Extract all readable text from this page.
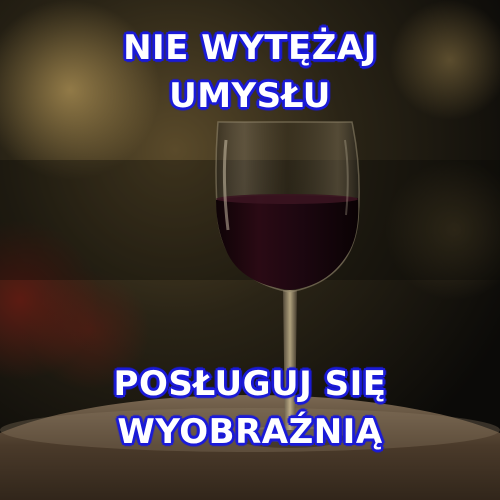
NIE WYTĘŻAJ
UMYSŁU
POSŁUGUJ SIĘ
WYOBRAŹNIĄ
